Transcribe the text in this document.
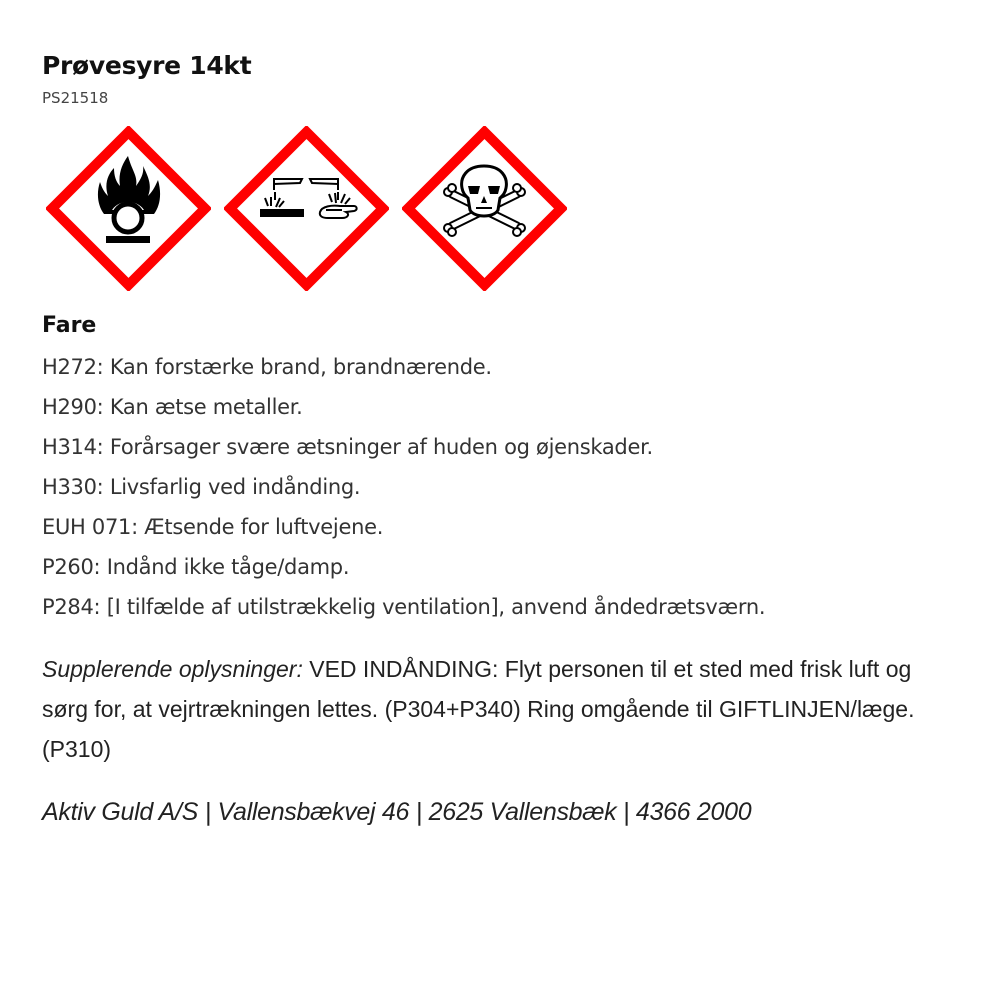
Prøvesyre 14kt
PS21518
Fare
H272: Kan forstærke brand, brandnærende.
H290: Kan ætse metaller.
H314: Forårsager svære ætsninger af huden og øjenskader.
H330: Livsfarlig ved indånding.
EUH 071: Ætsende for luftvejene.
P260: Indånd ikke tåge/damp.
P284: [I tilfælde af utilstrækkelig ventilation], anvend åndedrætsværn.
Supplerende oplysninger: VED INDÅNDING: Flyt personen til et sted med frisk luft og sørg for, at vejrtrækningen lettes. (P304+P340) Ring omgående til GIFTLINJEN/læge. (P310)
Aktiv Guld A/S | Vallensbækvej 46 | 2625 Vallensbæk | 4366 2000
